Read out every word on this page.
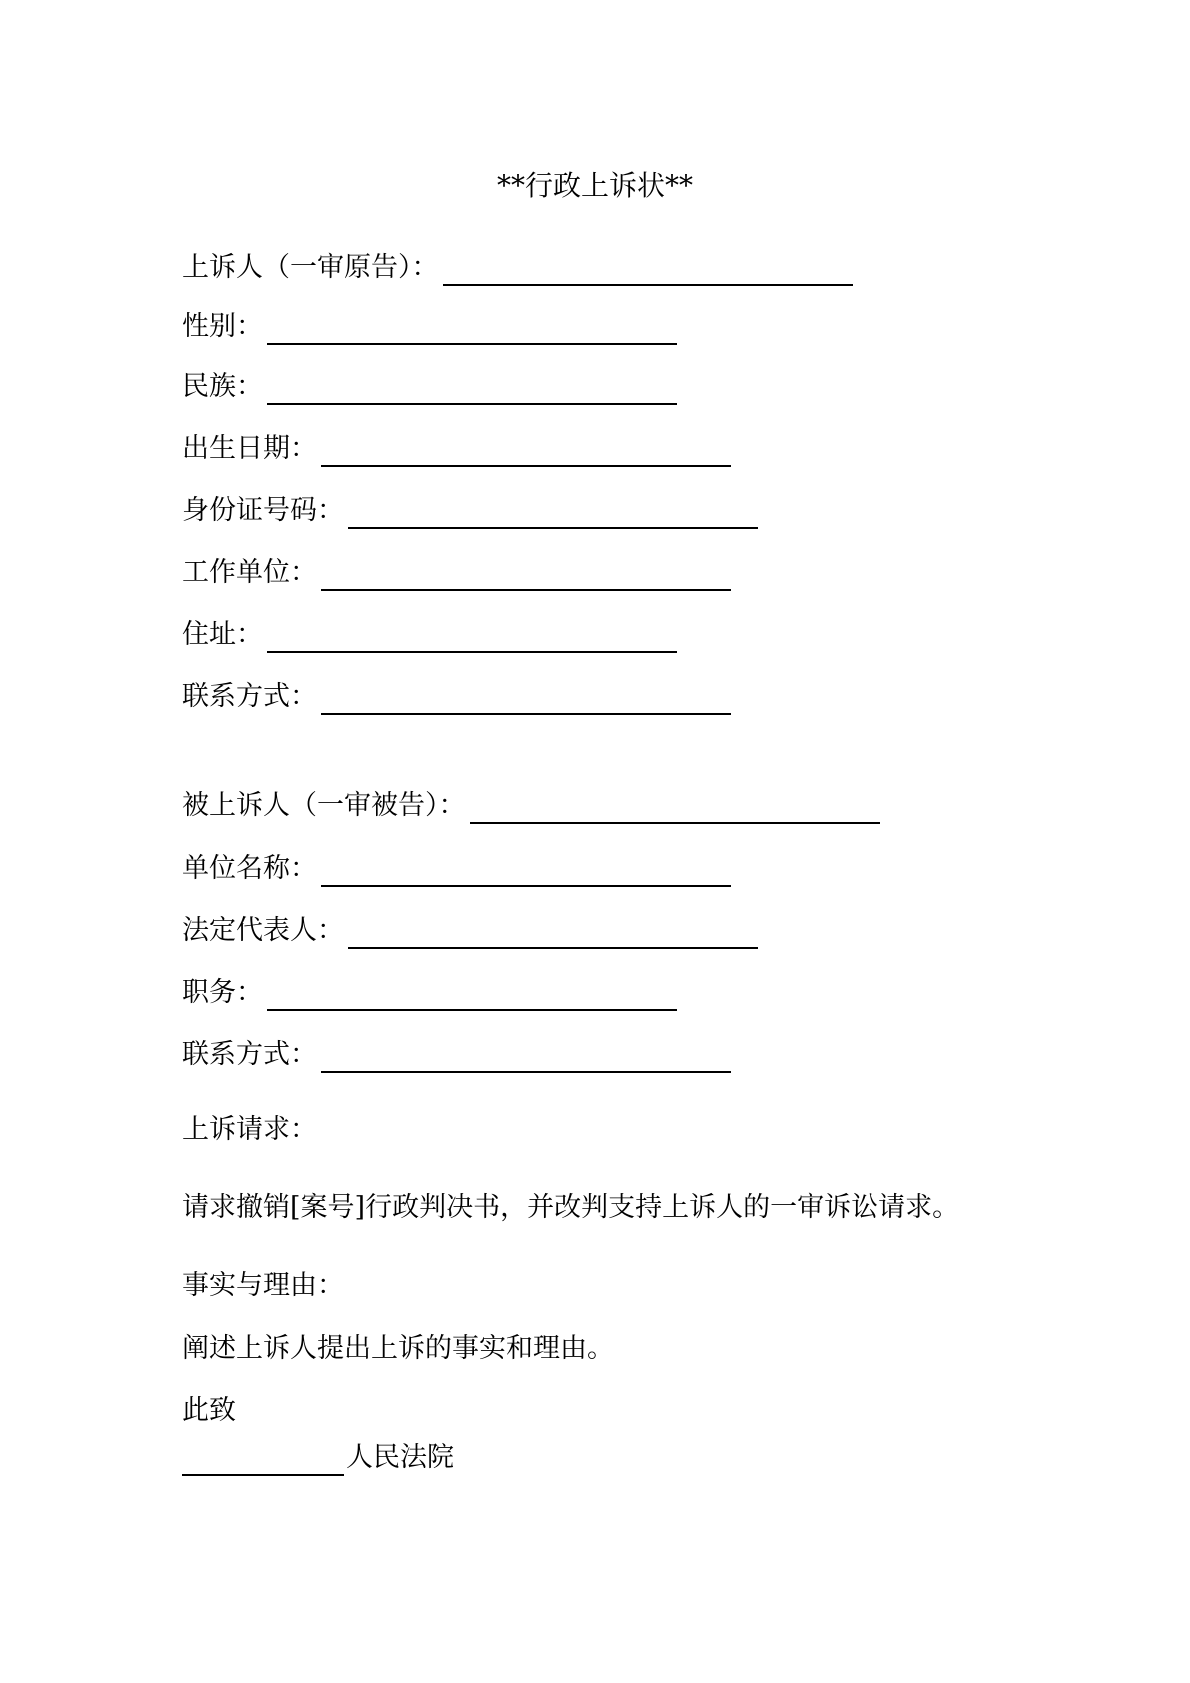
**行政上诉状**
上诉人（一审原告）：
性别：
民族：
出生日期：
身份证号码：
工作单位：
住址：
联系方式：
被上诉人（一审被告）：
单位名称：
法定代表人：
职务：
联系方式：
上诉请求：
请求撤销[案号]行政判决书，并改判支持上诉人的一审诉讼请求。
事实与理由：
阐述上诉人提出上诉的事实和理由。
此致
人民法院
